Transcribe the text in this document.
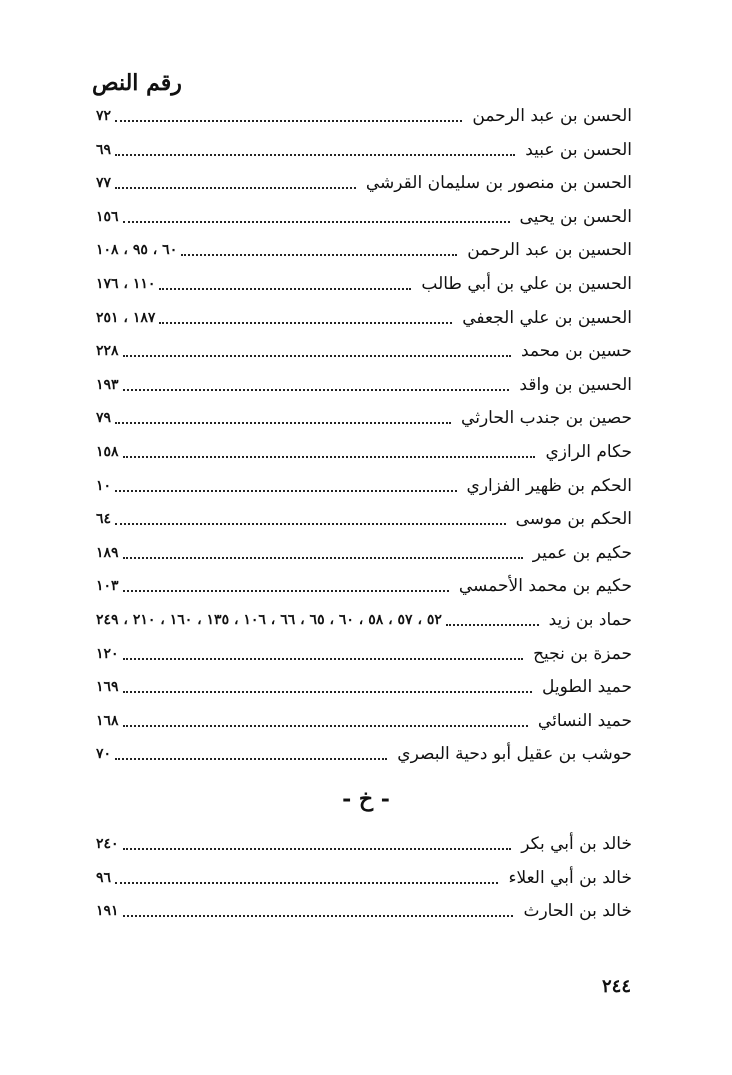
رقم النص
الحسن بن عبد الرحمن
٧٢
الحسن بن عبيد
٦٩
الحسن بن منصور بن سليمان القرشي
٧٧
الحسن بن يحيى
١٥٦
الحسين بن عبد الرحمن
٦٠ ، ٩٥ ، ١٠٨
الحسين بن علي بن أبي طالب
١١٠ ، ١٧٦
الحسين بن علي الجعفي
١٨٧ ، ٢٥١
حسين بن محمد
٢٢٨
الحسين بن واقد
١٩٣
حصين بن جندب الحارثي
٧٩
حكام الرازي
١٥٨
الحكم بن ظهير الفزاري
١٠
الحكم بن موسى
٦٤
حكيم بن عمير
١٨٩
حكيم بن محمد الأحمسي
١٠٣
حماد بن زيد
٥٢ ، ٥٧ ، ٥٨ ، ٦٠ ، ٦٥ ، ٦٦ ، ١٠٦ ، ١٣٥ ، ١٦٠ ، ٢١٠ ، ٢٤٩
حمزة بن نجيح
١٢٠
حميد الطويل
١٦٩
حميد النسائي
١٦٨
حوشب بن عقيل أبو دحية البصري
٧٠
- خ -
خالد بن أبي بكر
٢٤٠
خالد بن أبي العلاء
٩٦
خالد بن الحارث
١٩١
٢٤٤
